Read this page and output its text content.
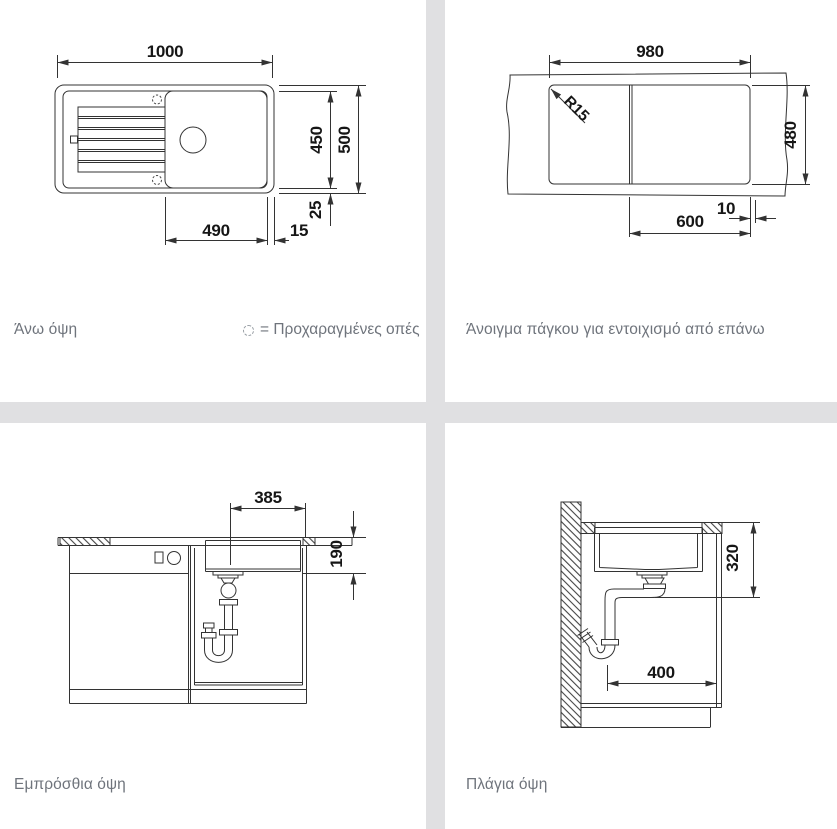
1000
450 500
25
490	15
980
480
R15
600
10
385
190	320
400
Άνω όψη	= Προχαραγμένες οπές	Άνοιγμα πάγκου για εντοιχισμό από επάνω
Εμπρόσθια όψη	Πλάγια όψη
